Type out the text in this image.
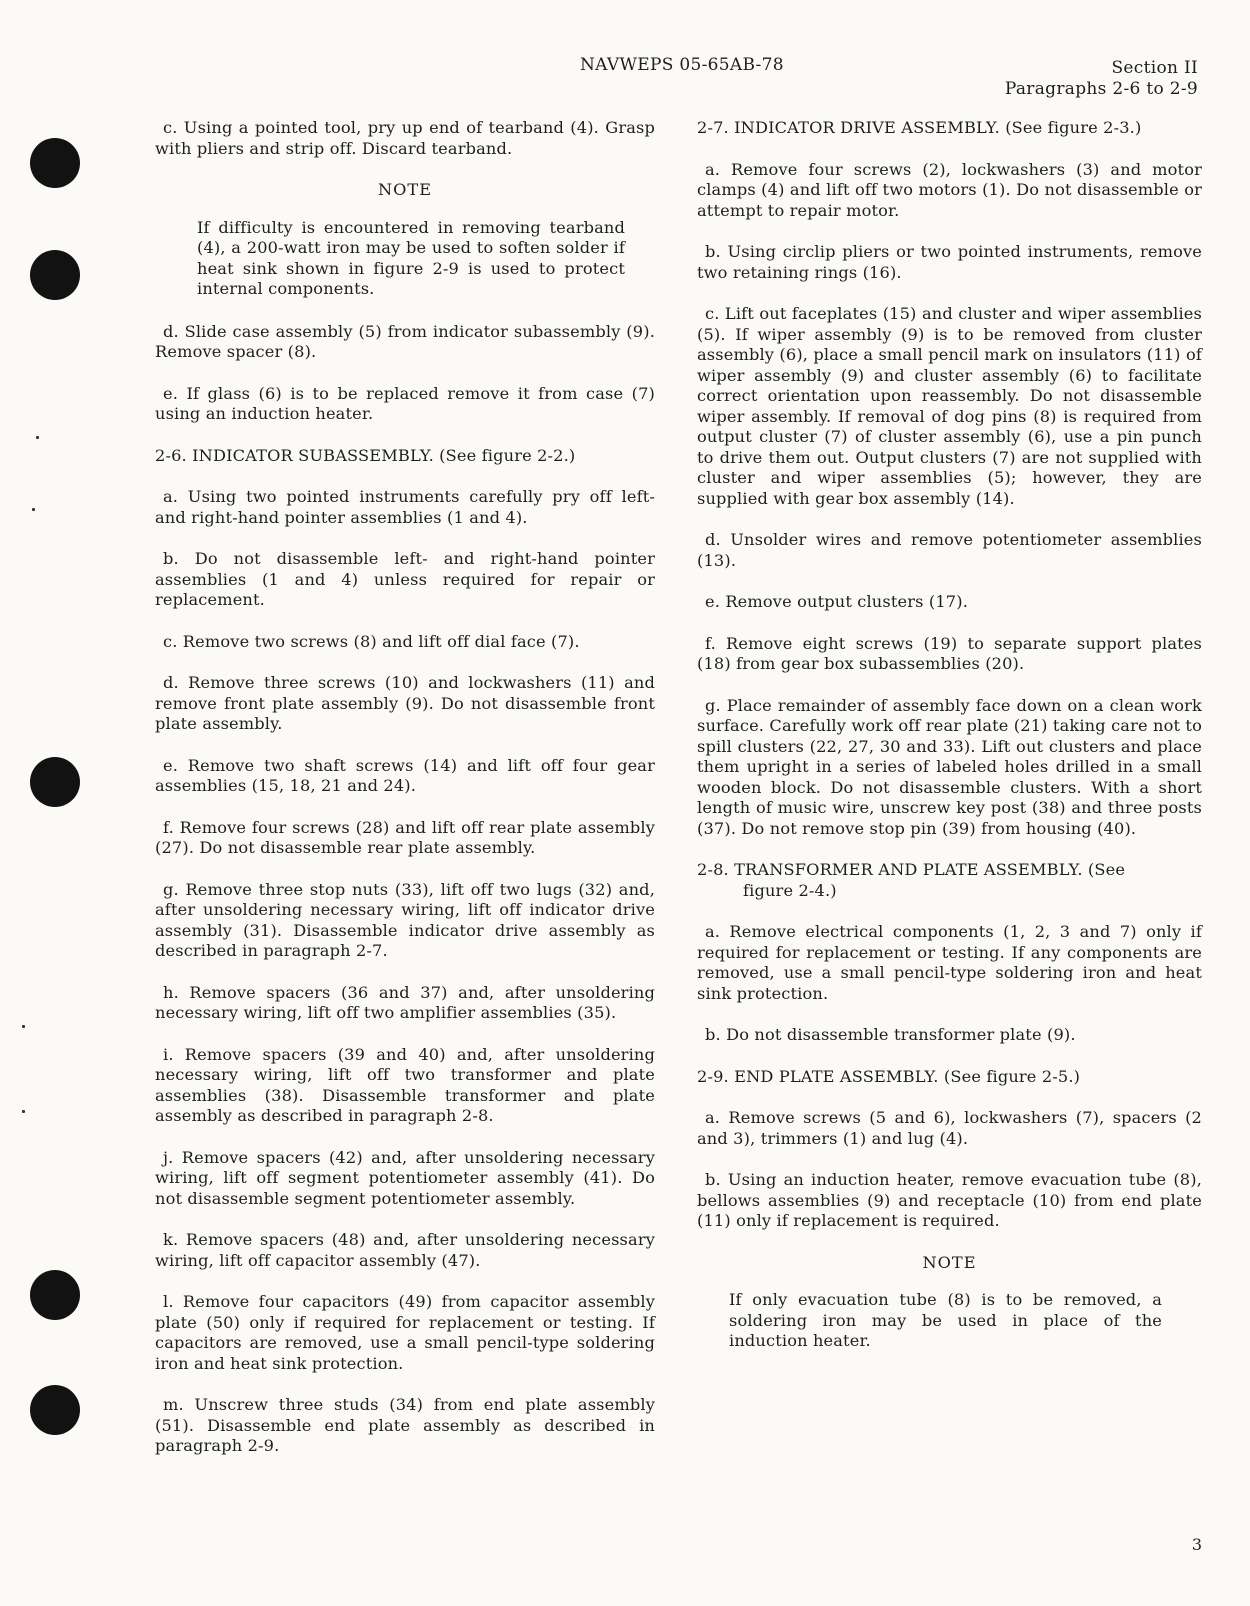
NAVWEPS 05-65AB-78	Section II
Paragraphs 2-6 to 2-9

c. Using a pointed tool, pry up end of tearband (4). Grasp with pliers and strip off. Discard tearband.

NOTE

If difficulty is encountered in removing tearband (4), a 200-watt iron may be used to soften solder if heat sink shown in figure 2-9 is used to protect internal components.

d. Slide case assembly (5) from indicator subassembly (9). Remove spacer (8).

e. If glass (6) is to be replaced remove it from case (7) using an induction heater.

2-6. INDICATOR SUBASSEMBLY. (See figure 2-2.)

a. Using two pointed instruments carefully pry off left- and right-hand pointer assemblies (1 and 4).

b. Do not disassemble left- and right-hand pointer assemblies (1 and 4) unless required for repair or replacement.

c. Remove two screws (8) and lift off dial face (7).

d. Remove three screws (10) and lockwashers (11) and remove front plate assembly (9). Do not disassemble front plate assembly.

e. Remove two shaft screws (14) and lift off four gear assemblies (15, 18, 21 and 24).

f. Remove four screws (28) and lift off rear plate assembly (27). Do not disassemble rear plate assembly.

g. Remove three stop nuts (33), lift off two lugs (32) and, after unsoldering necessary wiring, lift off indicator drive assembly (31). Disassemble indicator drive assembly as described in paragraph 2-7.

h. Remove spacers (36 and 37) and, after unsoldering necessary wiring, lift off two amplifier assemblies (35).

i. Remove spacers (39 and 40) and, after unsoldering necessary wiring, lift off two transformer and plate assemblies (38). Disassemble transformer and plate assembly as described in paragraph 2-8.

j. Remove spacers (42) and, after unsoldering necessary wiring, lift off segment potentiometer assembly (41). Do not disassemble segment potentiometer assembly.

k. Remove spacers (48) and, after unsoldering necessary wiring, lift off capacitor assembly (47).

l. Remove four capacitors (49) from capacitor assembly plate (50) only if required for replacement or testing. If capacitors are removed, use a small pencil-type soldering iron and heat sink protection.

m. Unscrew three studs (34) from end plate assembly (51). Disassemble end plate assembly as described in paragraph 2-9.

2-7. INDICATOR DRIVE ASSEMBLY. (See figure 2-3.)

a. Remove four screws (2), lockwashers (3) and motor clamps (4) and lift off two motors (1). Do not disassemble or attempt to repair motor.

b. Using circlip pliers or two pointed instruments, remove two retaining rings (16).

c. Lift out faceplates (15) and cluster and wiper assemblies (5). If wiper assembly (9) is to be removed from cluster assembly (6), place a small pencil mark on insulators (11) of wiper assembly (9) and cluster assembly (6) to facilitate correct orientation upon reassembly. Do not disassemble wiper assembly. If removal of dog pins (8) is required from output cluster (7) of cluster assembly (6), use a pin punch to drive them out. Output clusters (7) are not supplied with cluster and wiper assemblies (5); however, they are supplied with gear box assembly (14).

d. Unsolder wires and remove potentiometer assemblies (13).

e. Remove output clusters (17).

f. Remove eight screws (19) to separate support plates (18) from gear box subassemblies (20).

g. Place remainder of assembly face down on a clean work surface. Carefully work off rear plate (21) taking care not to spill clusters (22, 27, 30 and 33). Lift out clusters and place them upright in a series of labeled holes drilled in a small wooden block. Do not disassemble clusters. With a short length of music wire, unscrew key post (38) and three posts (37). Do not remove stop pin (39) from housing (40).

2-8. TRANSFORMER AND PLATE ASSEMBLY. (See
figure 2-4.)

a. Remove electrical components (1, 2, 3 and 7) only if required for replacement or testing. If any components are removed, use a small pencil-type soldering iron and heat sink protection.

b. Do not disassemble transformer plate (9).

2-9. END PLATE ASSEMBLY. (See figure 2-5.)

a. Remove screws (5 and 6), lockwashers (7), spacers (2 and 3), trimmers (1) and lug (4).

b. Using an induction heater, remove evacuation tube (8), bellows assemblies (9) and receptacle (10) from end plate (11) only if replacement is required.

NOTE

If only evacuation tube (8) is to be removed, a soldering iron may be used in place of the induction heater.

3
